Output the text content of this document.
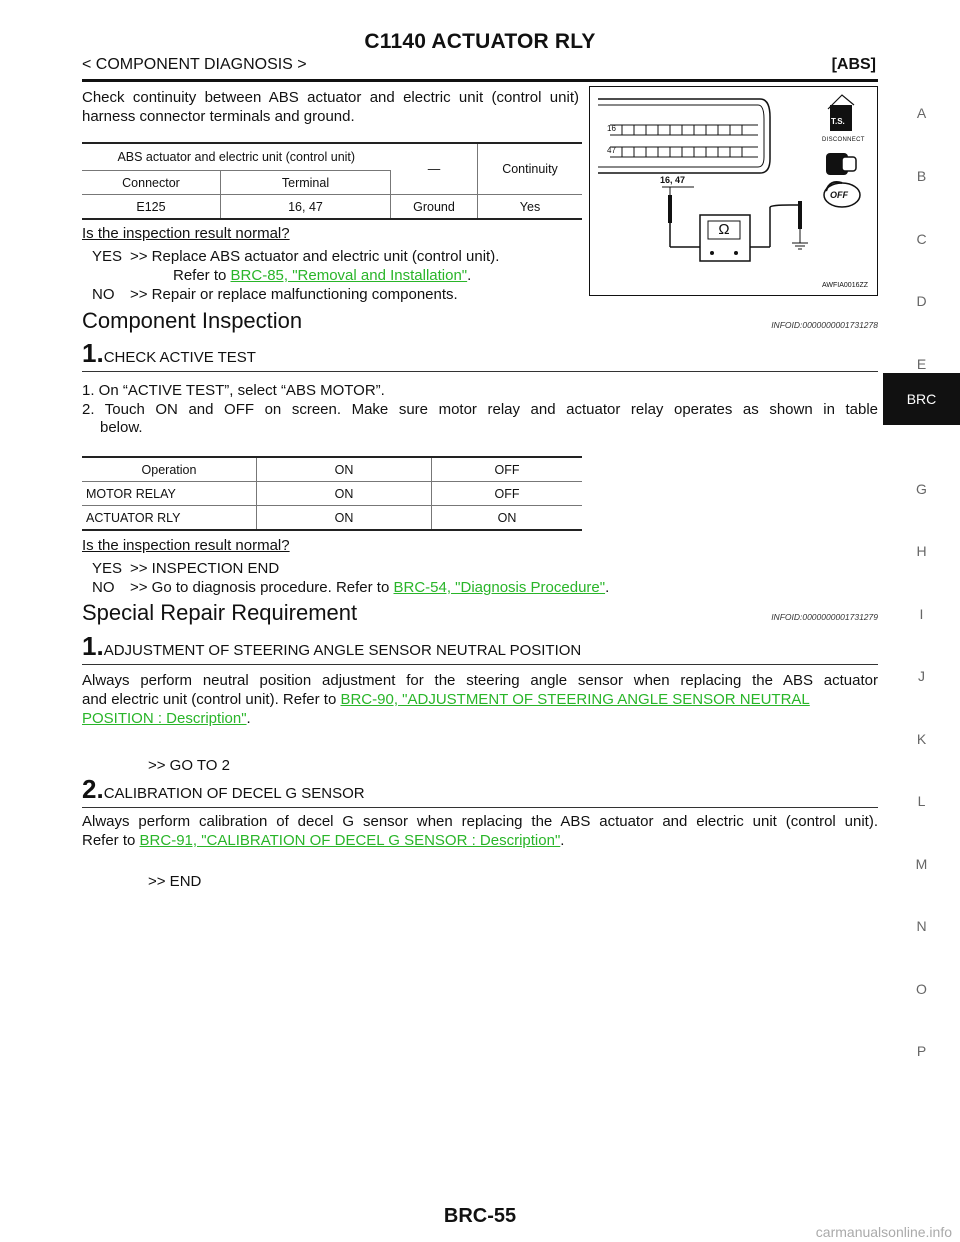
C1140 ACTUATOR RLY
< COMPONENT DIAGNOSIS >	[ABS]
Check continuity between ABS actuator and electric unit (control unit) harness connector terminals and ground.
ABS actuator and electric unit (control unit)		—	Continuity
Connector	Terminal		
E125	16, 47	Ground	Yes
16
47
16, 47
Ω
T.S.
DISCONNECT
OFF
AWFIA0016ZZ
Is the inspection result normal?
YES >> Replace ABS actuator and electric unit (control unit).
Refer to BRC-85, "Removal and Installation".
NO >> Repair or replace malfunctioning components.
Component Inspection	INFOID:0000000001731278
1.CHECK ACTIVE TEST
1. On “ACTIVE TEST”, select “ABS MOTOR”.
2. Touch ON and OFF on screen. Make sure motor relay and actuator relay operates as shown in table
below.
Operation	ON	OFF
MOTOR RELAY	ON	OFF
ACTUATOR RLY	ON	ON
Is the inspection result normal?
YES >> INSPECTION END
NO >> Go to diagnosis procedure. Refer to BRC-54, "Diagnosis Procedure".
Special Repair Requirement	INFOID:0000000001731279
1.ADJUSTMENT OF STEERING ANGLE SENSOR NEUTRAL POSITION
Always perform neutral position adjustment for the steering angle sensor when replacing the ABS actuator
and electric unit (control unit). Refer to BRC-90, "ADJUSTMENT OF STEERING ANGLE SENSOR NEUTRAL
POSITION : Description".
>> GO TO 2
2.CALIBRATION OF DECEL G SENSOR
Always perform calibration of decel G sensor when replacing the ABS actuator and electric unit (control unit).
Refer to BRC-91, "CALIBRATION OF DECEL G SENSOR : Description".
>> END
A
B
C
D
E
BRC
G
H
I
J
K
L
M
N
O
P
BRC-55
carmanualsonline.info
